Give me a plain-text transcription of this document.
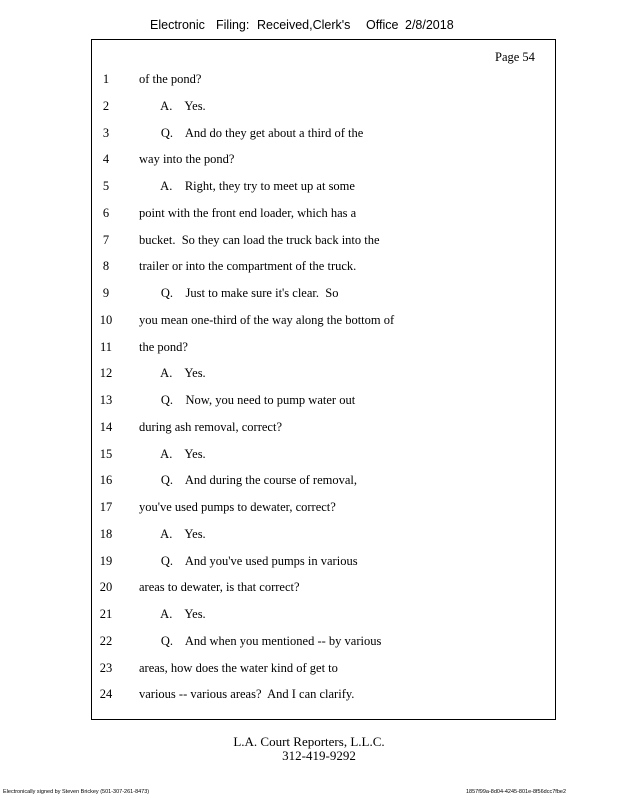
Electronic Filing: Received,Clerk's Office 2/8/2018
Page 54
1	of the pond?
2	A.    Yes.
3	Q.    And do they get about a third of the
4	way into the pond?
5	A.    Right, they try to meet up at some
6	point with the front end loader, which has a
7	bucket.  So they can load the truck back into the
8	trailer or into the compartment of the truck.
9	Q.    Just to make sure it's clear.  So
10	you mean one-third of the way along the bottom of
11	the pond?
12	A.    Yes.
13	Q.    Now, you need to pump water out
14	during ash removal, correct?
15	A.    Yes.
16	Q.    And during the course of removal,
17	you've used pumps to dewater, correct?
18	A.    Yes.
19	Q.    And you've used pumps in various
20	areas to dewater, is that correct?
21	A.    Yes.
22	Q.    And when you mentioned -- by various
23	areas, how does the water kind of get to
24	various -- various areas?  And I can clarify.
L.A. Court Reporters, L.L.C.
312-419-9292
Electronically signed by Steven Brickey (501-307-261-8473)	1857f99a-8d04-4245-801e-8f56dcc7fbe2
